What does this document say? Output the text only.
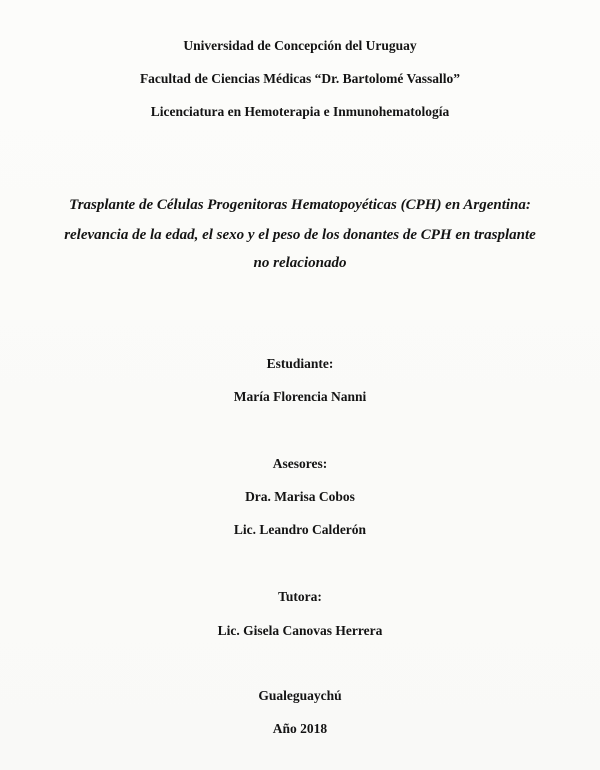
Universidad de Concepción del Uruguay
Facultad de Ciencias Médicas “Dr. Bartolomé Vassallo”
Licenciatura en Hemoterapia e Inmunohematología
Trasplante de Células Progenitoras Hematopoyéticas (CPH) en Argentina:
relevancia de la edad, el sexo y el peso de los donantes de CPH en trasplante
no relacionado
Estudiante:
María Florencia Nanni
Asesores:
Dra. Marisa Cobos
Lic. Leandro Calderón
Tutora:
Lic. Gisela Canovas Herrera
Gualeguaychú
Año 2018
